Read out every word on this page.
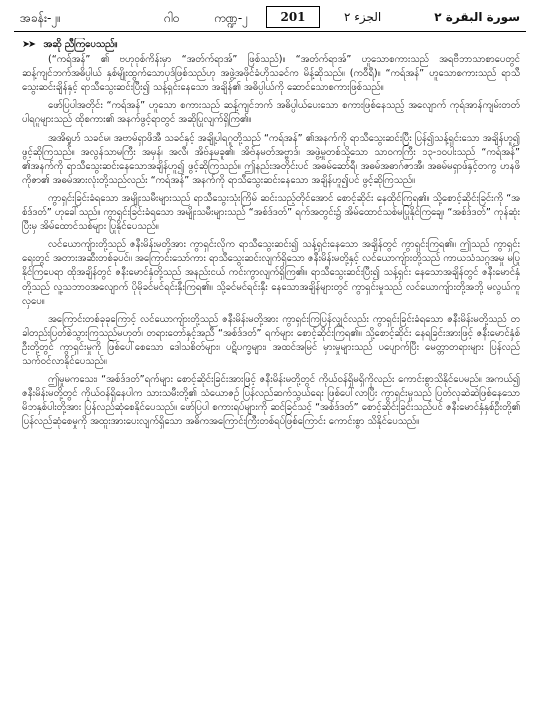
အခန်း-၂။	ဂါဝ	ကဏ္ဍ-၂	201	الجزء ٢	سورة البقرة ٢
➤➤ အဆို ညီကြပေသည်။

(“ကရ်အန်” ၏ ဗဟုဝုစ်ကိန်းမှာ “အတ်က်ရာအ်” ဖြစ်သည်)။ “အတ်က်ရာအ်” ဟူသောစကားသည် အရဗီဘာသာစာပေတွင် ဆန့်ကျင်ဘက်အဓိပ္ပါယ် နှစ်မျိုးထွက်သောပုဒ်ဖြစ်သည်ဟု အဖွဲ့အဖိုင်ခံဟိုသခင်က မိန့်ဆိုသည်။ (ကဝီရီ)။ “ကရ်အန်” ဟူသောစကားသည် ရာသီသွေးဆင်းချိန်နှင့် ရာသီသွေးဆင်းပြီး၍ သန့်ရှင်းနေသော အချိန်၏ အဓိပ္ပါယ်ကို ဆောင်သောစကားဖြစ်သည်။

ဖော်ပြပါအတိုင်း “ကရ်အန်” ဟူသော စကားသည် ဆန့်ကျင်ဘက် အဓိပ္ပါယ်ပေးသော စကားဖြစ်နေသည့် အလျောက် ကုရ်အာန်ကျမ်းတတ် ပါရဂူများသည် ထိုစကား၏ အနက်ဖွင့်ရာတွင် အဆိုပြုလျက်ရှိကြ၏။

အအိရှုဟ် သခင်မ၊ အဗာမ်ရှာဖိအီ သခင်နှင့် အချို့ပါရဂူတို့သည် “ကရ်အန်” ၏အနက်ကို ရာသီသွေးဆင်းပြီး ပြန်၍သန့်ရှင်းသော အချိန်ဟူ၍ ဖွင့်ဆိုကြသည်။ အလွန်သာမကြီး အမှန်၊ အလီ၊ အိဗ်နမခူ၏၊ အိဗ်နမတ်အဗ္ဗာဒ်၊ အဖွဲ့မှုတစ်သို့သော သာဝကကြီး ၁၃-၁၀ပါးသည် “ကရ်အန်” ၏အနက်ကို ရာသီသွေးဆင်းနေသောအချိန်ဟူ၍ ဖွင့်ဆိုကြသည်။ ဤနည်းအတိုင်းပင် အဓမ်ဆော်ရီ၊ အဓမ်အဓာဂ်ဇာအီ၊ အဓမ်မရှာဖ်နှင့်တကွ ဟနဖိကိုဇာ၏ အဓမ်အားလုံးတို့သည်လည်း “ကရ်အန်” အနက်ကို ရာသီသွေးဆင်းနေသော အချိန်ဟူ၍ပင် ဖွင့်ဆိုကြသည်။

ကွာရှင်းခြင်းခံရသော အမျိုးသမီးများသည် ရာသီသွေးသုံးကြိမ် ဆင်းသည့်တိုင်အောင် စောင့်ဆိုင်း နေထိုင်ကြရ၏။ သို့စောင့်ဆိုင်းခြင်းကို “အစ်ဒ်ဒတ်” ဟုခေါ်သည်။ ကွာရှင်းခြင်းခံရသော အမျိုးသမီးများသည် “အစ်ဒ်ဒတ်” ရက်အတွင်း၌ အိမ်ထောင်သစ်မပြုနိုင်ကြချေ၊ “အစ်ဒ်ဒတ်” ကုန်ဆုံးပြီးမှ အိမ်ထောင်သစ်များ ပြုနိုင်ပေသည်။

လင်ယောကျ်ားတို့သည် ဇနီးမိန်းမတို့အား ကွာရှင်းလိုက ရာသီသွေးဆင်း၍ သန့်ရှင်းနေသော အချိန်တွင် ကွာရှင်းကြရ၏။ ဤသည် ကွာရှင်းရေးတွင် အတားအဆီးတစ်ခုပင်။ အကြောင်းသော်ကား ရာသီသွေးဆင်းလျက်ရှိသော ဇနီးမိန်းမတို့နှင့် လင်ယောကျ်ားတို့သည် ကာယသံသဂ္ဂအမှု မပြုနိုင်ကြပေရာ ထိုအချိန်တွင် ဇနီးမောင်နှံတို့သည် အနည်းငယ် ကင်းကွာလျက်ရှိကြ၏။ ရာသီသွေးဆင်းပြီး၍ သန့်ရှင်း နေသောအချိန်တွင် ဇနီးမောင်နှံတို့သည် လူ့သဘာဝအလျောက် ပိုမိုခင်မင်ရင်းနှီးကြရ၏။ သို့ခင်မင်ရင်းနှီး နေသောအချိန်များတွင် ကွာရှင်းမှုသည် လင်ယောကျ်ားတို့အဘို့ မလွယ်ကူလှပေ။

အကြောင်းတစ်ခုခုကြောင့် လင်ယောကျ်ားတို့သည် ဇနီးမိန်းမတို့အား ကွာရှင်းကြပြန်လျှင်လည်း ကွာရှင်းခြင်းခံရသော ဇနီးမိန်းမတို့သည် တခါတည်းပြတ်စဲသွားကြသည်မဟုတ်၊ တရားတော်နှင့်အညီ “အစ်ဒ်ဒတ်” ရက်များ စောင့်ဆိုင်းကြရ၏။ သို့စောင့်ဆိုင်း နေရခြင်းအားဖြင့် ဇနီးမောင်နှံစ်ဦးတို့တွင် ကွာရှင်းမှုကို ဖြစ်ပေါ်စေသော ဒေါသစိတ်များ၊ ပဋိပက္ခများ၊ အထင်အမြင် မှားမှုများသည် ပပျောက်ပြီး မေတ္တာတရားများ ပြန်လည်သက်ဝင်လာနိုင်ပေသည်။

ဤမှုမကသေး၊ “အစ်ဒ်ဒတ်”ရက်များ စောင့်ဆိုင်းခြင်းအားဖြင့် ဇနီးမိန်းမတို့တွင် ကိုယ်ဝန်ရှိမရှိကိုလည်း ကောင်းစွာသိနိုင်ပေမည်။ အကယ်၍ ဇနီးမိန်းမတို့တွင် ကိုယ်ဝန်ရှိနေပါက သားသမီးတို့၏ သံယောဇဉ် ပြန်လည်ဆက်သွယ်ရေး ဖြစ်ပေါ်လာပြီး ကွာရှင်းမှုသည် ပြတ်လုဆဲဆဲဖြစ်နေသော မိဘနှစ်ပါးတို့အား ပြန်လည်ဆုံစေနိုင်ပေသည်။ ဖော်ပြပါ စကားရပ်များကို ဆင်ခြင်သင့် “အစ်ဒ်ဒတ်” စောင့်ဆိုင်းခြင်းသည်ပင် ဇနီးမောင်နှံနှစ်ဦးတို့၏ ပြန်လည်ဆုံစေမှုကို အထူးအားပေးလျက်ရှိသော အဓိကအကြောင်းကြီးတစ်ရပ်ဖြစ်ကြောင်း ကောင်းစွာ သိနိုင်ပေသည်။
